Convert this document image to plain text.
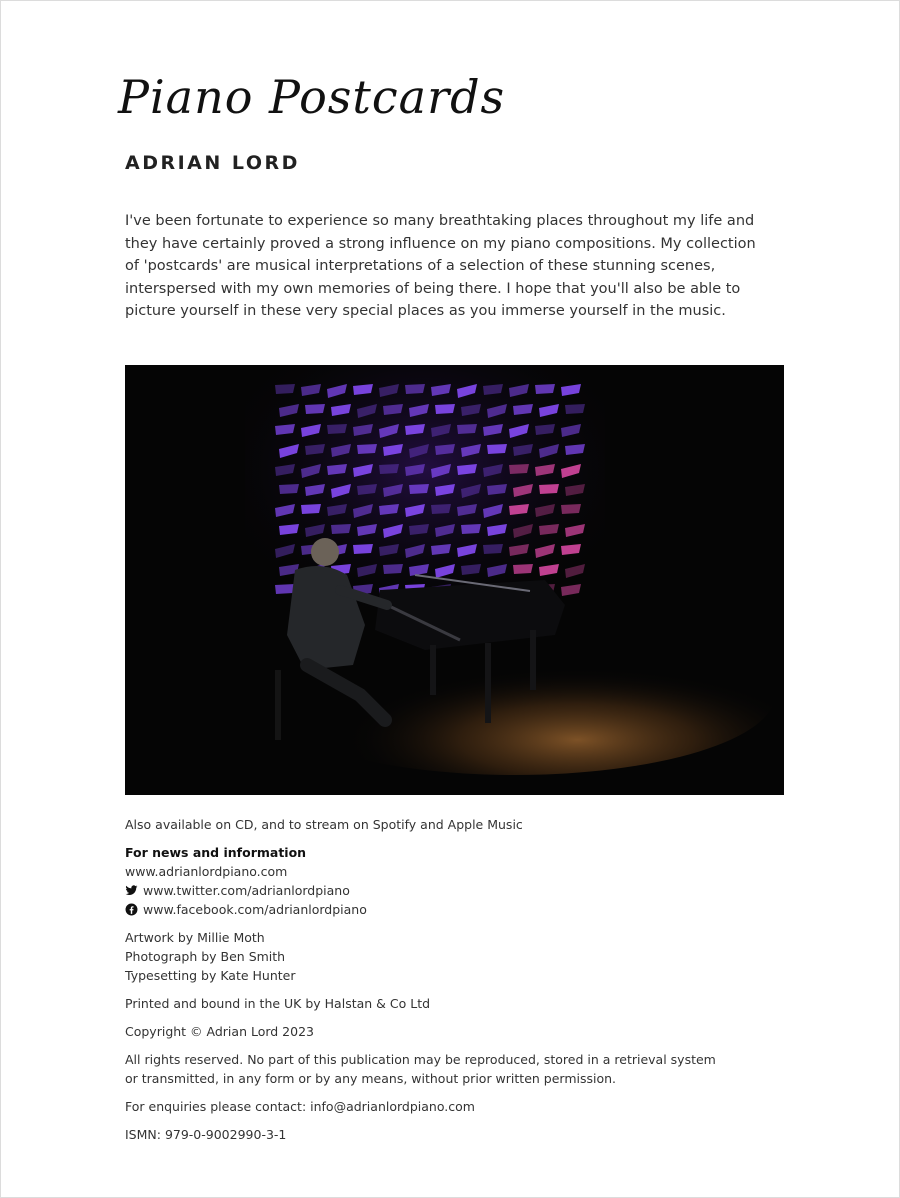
Piano Postcards
ADRIAN LORD

I've been fortunate to experience so many breathtaking places throughout my life and they have certainly proved a strong influence on my piano compositions. My collection of 'postcards' are musical interpretations of a selection of these stunning scenes, interspersed with my own memories of being there. I hope that you'll also be able to picture yourself in these very special places as you immerse yourself in the music.

Also available on CD, and to stream on Spotify and Apple Music

For news and information

www.adrianlordpiano.com

www.twitter.com/adrianlordpiano

www.facebook.com/adrianlordpiano

Artwork by Millie Moth

Photograph by Ben Smith

Typesetting by Kate Hunter

Printed and bound in the UK by Halstan & Co Ltd

Copyright © Adrian Lord 2023

All rights reserved. No part of this publication may be reproduced, stored in a retrieval system

or transmitted, in any form or by any means, without prior written permission.

For enquiries please contact: info@adrianlordpiano.com

ISMN: 979-0-9002990-3-1
